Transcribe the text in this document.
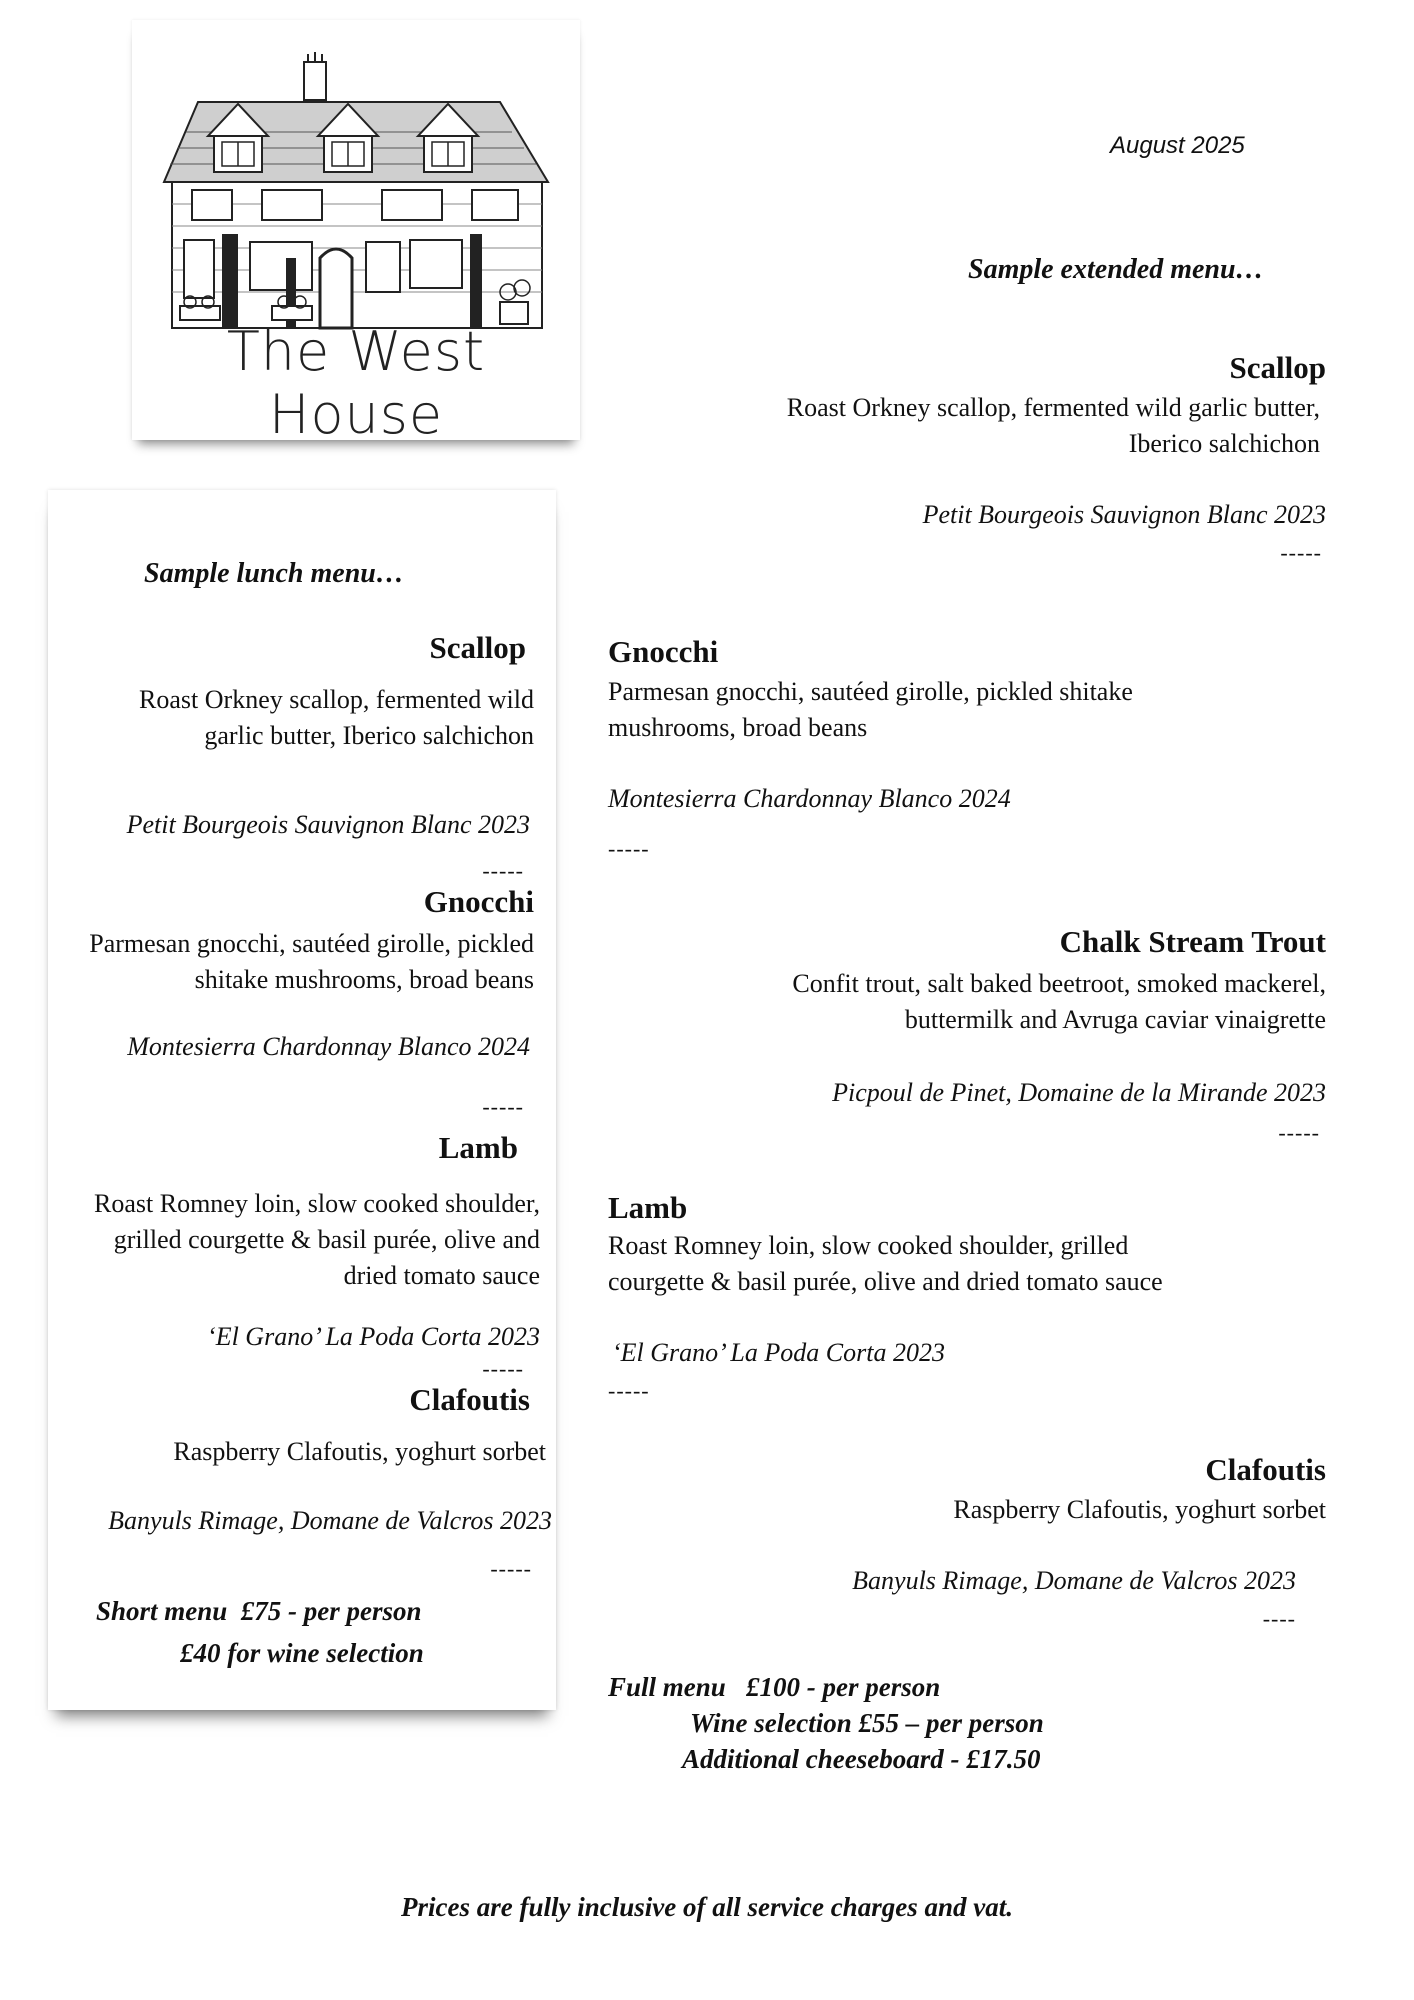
The West House
Sample lunch menu…
Scallop
Roast Orkney scallop, fermented wild
garlic butter, Iberico salchichon
Petit Bourgeois Sauvignon Blanc 2023
-----
Gnocchi
Parmesan gnocchi, sautéed girolle, pickled
shitake mushrooms, broad beans
Montesierra Chardonnay Blanco 2024
-----
Lamb
Roast Romney loin, slow cooked shoulder,
grilled courgette & basil purée, olive and
dried tomato sauce
‘El Grano’ La Poda Corta 2023
-----
Clafoutis
Raspberry Clafoutis, yoghurt sorbet
Banyuls Rimage, Domane de Valcros 2023
-----
Short menu  £75 - per person
£40 for wine selection
August 2025
Sample extended menu…
Scallop
Roast Orkney scallop, fermented wild garlic butter,
Iberico salchichon
Petit Bourgeois Sauvignon Blanc 2023
-----
Gnocchi
Parmesan gnocchi, sautéed girolle, pickled shitake
mushrooms, broad beans
Montesierra Chardonnay Blanco 2024
-----
Chalk Stream Trout
Confit trout, salt baked beetroot, smoked mackerel,
buttermilk and Avruga caviar vinaigrette
Picpoul de Pinet, Domaine de la Mirande 2023
-----
Lamb
Roast Romney loin, slow cooked shoulder, grilled
courgette & basil purée, olive and dried tomato sauce
‘El Grano’ La Poda Corta 2023
-----
Clafoutis
Raspberry Clafoutis, yoghurt sorbet
Banyuls Rimage, Domane de Valcros 2023
----
Full menu   £100 - per person
Wine selection £55 – per person
Additional cheeseboard - £17.50
Prices are fully inclusive of all service charges and vat.
